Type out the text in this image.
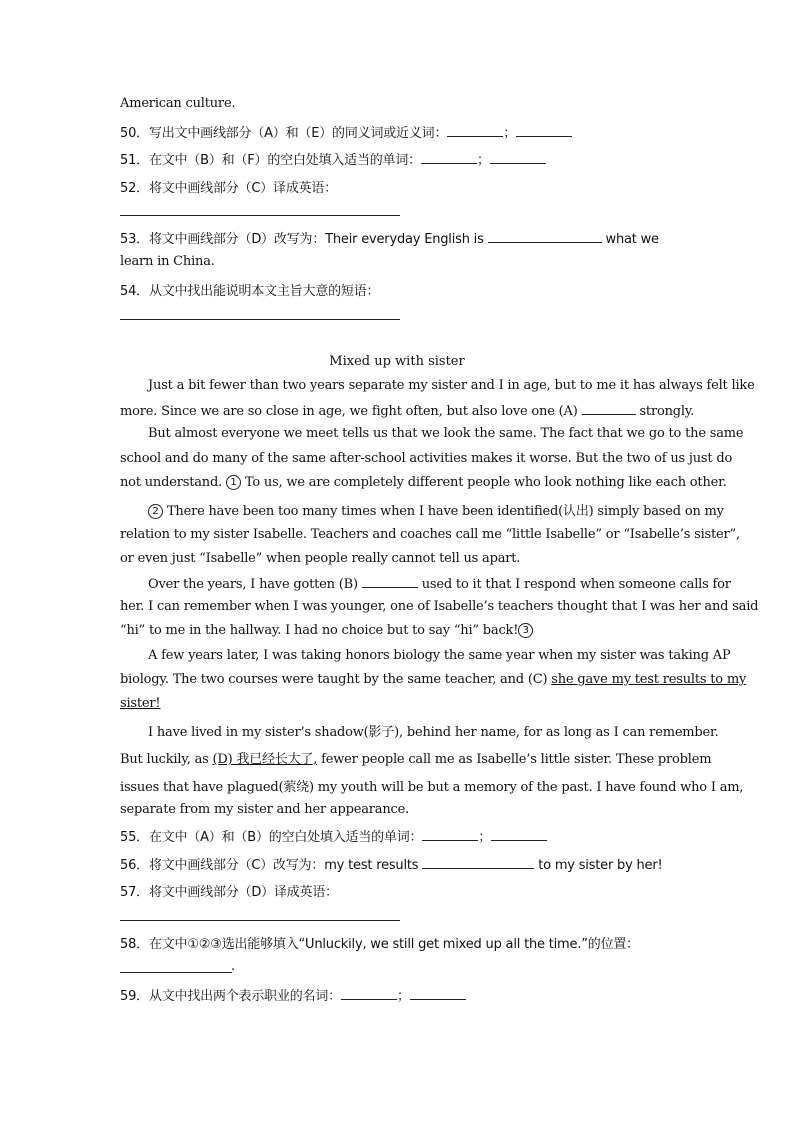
American culture.
50．写出文中画线部分（A）和（E）的同义词或近义词：	；
51．在文中（B）和（F）的空白处填入适当的单词：	；
52．将文中画线部分（C）译成英语：
53．将文中画线部分（D）改写为：Their everyday English is	what we
learn in China.
54．从文中找出能说明本文主旨大意的短语：
Mixed up with sister
Just a bit fewer than two years separate my sister and I in age, but to me it has always felt like
more. Since we are so close in age, we fight often, but also love one (A)	strongly.
But almost everyone we meet tells us that we look the same. The fact that we go to the same
school and do many of the same after-school activities makes it worse. But the two of us just do
not understand. 1 To us, we are completely different people who look nothing like each other.
2 There have been too many times when I have been identified(认出) simply based on my
relation to my sister Isabelle. Teachers and coaches call me “little Isabelle” or “Isabelle’s sister”,
or even just “Isabelle” when people really cannot tell us apart.
Over the years, I have gotten (B)	used to it that I respond when someone calls for
her. I can remember when I was younger, one of Isabelle’s teachers thought that I was her and said
“hi” to me in the hallway. I had no choice but to say “hi” back! 3
A few years later, I was taking honors biology the same year when my sister was taking AP
biology. The two courses were taught by the same teacher, and (C) she gave my test results to my
sister!
I have lived in my sister’s shadow(影子), behind her name, for as long as I can remember.
But luckily, as (D) 我已经长大了, fewer people call me as Isabelle’s little sister. These problem
issues that have plagued(萦绕) my youth will be but a memory of the past. I have found who I am,
separate from my sister and her appearance.
55．在文中（A）和（B）的空白处填入适当的单词：	；
56．将文中画线部分（C）改写为：my test results	to my sister by her!
57．将文中画线部分（D）译成英语：
58．在文中①②③选出能够填入“Unluckily, we still get mixed up all the time.”的位置：
.
59．从文中找出两个表示职业的名词：	；
